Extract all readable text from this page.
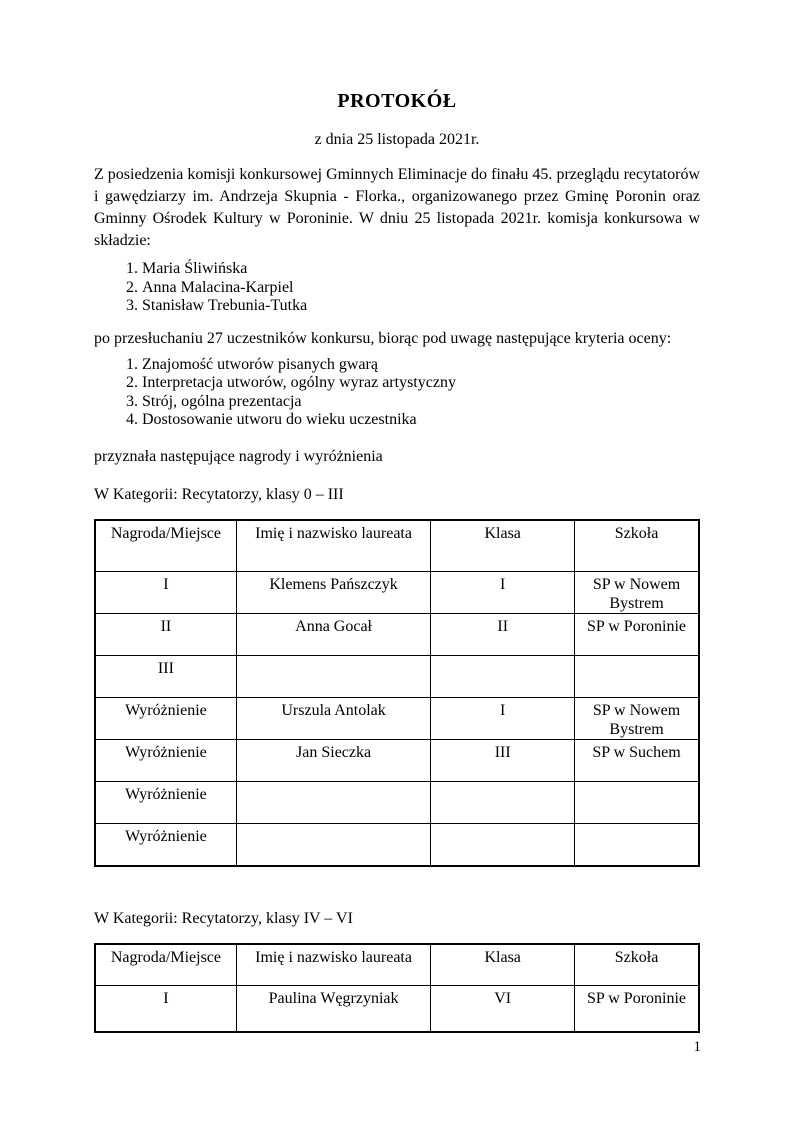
PROTOKÓŁ

z dnia 25 listopada 2021r.

Z posiedzenia komisji konkursowej Gminnych Eliminacje do finału 45. przeglądu recytatorów i gawędziarzy im. Andrzeja Skupnia - Florka., organizowanego przez Gminę Poronin oraz Gminny Ośrodek Kultury w Poroninie. W dniu 25 listopada 2021r. komisja konkursowa w składzie:

1. Maria Śliwińska
2. Anna Malacina-Karpiel
3. Stanisław Trebunia-Tutka

po przesłuchaniu 27 uczestników konkursu, biorąc pod uwagę następujące kryteria oceny:

1. Znajomość utworów pisanych gwarą
2. Interpretacja utworów, ogólny wyraz artystyczny
3. Strój, ogólna prezentacja
4. Dostosowanie utworu do wieku uczestnika

przyznała następujące nagrody i wyróżnienia

W Kategorii: Recytatorzy, klasy 0 – III

Nagroda/Miejsce	Imię i nazwisko laureata	Klasa	Szkoła
I	Klemens Pańszczyk	I	SP w Nowem Bystrem
II	Anna Gocał	II	SP w Poroninie
III			
Wyróżnienie	Urszula Antolak	I	SP w Nowem Bystrem
Wyróżnienie	Jan Sieczka	III	SP w Suchem
Wyróżnienie			
Wyróżnienie			

W Kategorii: Recytatorzy, klasy IV – VI

Nagroda/Miejsce	Imię i nazwisko laureata	Klasa	Szkoła
I	Paulina Węgrzyniak	VI	SP w Poroninie
1
